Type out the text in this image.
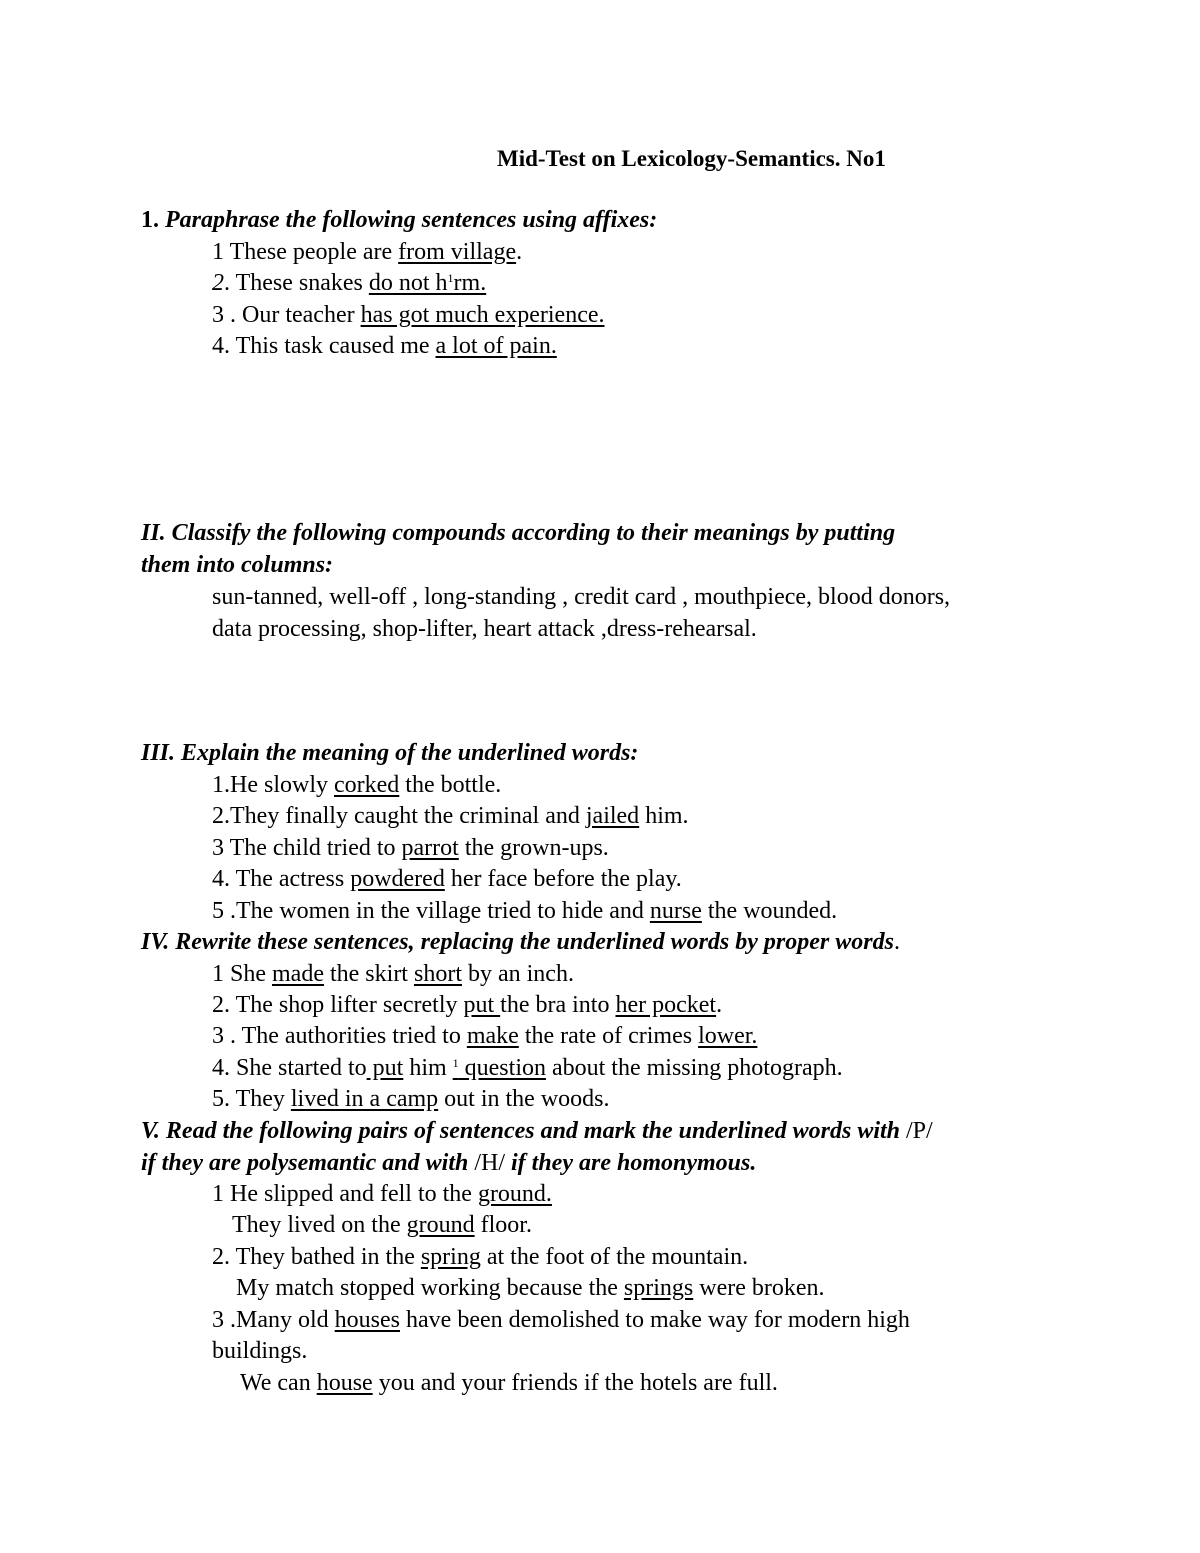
Mid-Test on Lexicology-Semantics. No1
1. Paraphrase the following sentences using affixes:
1 These people are from village.
2. These snakes do not $h^1rm$.
3 . Our teacher has got much experience.
4. This task caused me a lot of pain.
II. Classify the following compounds according to their meanings by putting
them into columns:
sun-tanned, well-off , long-standing , credit card , mouthpiece, blood donors,
data processing, shop-lifter, heart attack ,dress-rehearsal.
III. Explain the meaning of the underlined words:
1.He slowly corked the bottle.
2.They finally caught the criminal and jailed him.
3 The child tried to parrot the grown-ups.
4. The actress powdered her face before the play.
5 .The women in the village tried to hide and nurse the wounded.
IV. Rewrite these sentences, replacing the underlined words by proper words.
1 She made the skirt short by an inch.
2. The shop lifter secretly put the bra into her pocket.
3 . The authorities tried to make the rate of crimes lower.
4. She started to put him $^1$ question about the missing photograph.
5. They lived in a camp out in the woods.
V. Read the following pairs of sentences and mark the underlined words with /P/
if they are polysemantic and with /H/ if they are homonymous.
1 He slipped and fell to the ground.
They lived on the ground floor.
2. They bathed in the spring at the foot of the mountain.
My match stopped working because the springs were broken.
3 .Many old houses have been demolished to make way for modern high
buildings.
We can house you and your friends if the hotels are full.
